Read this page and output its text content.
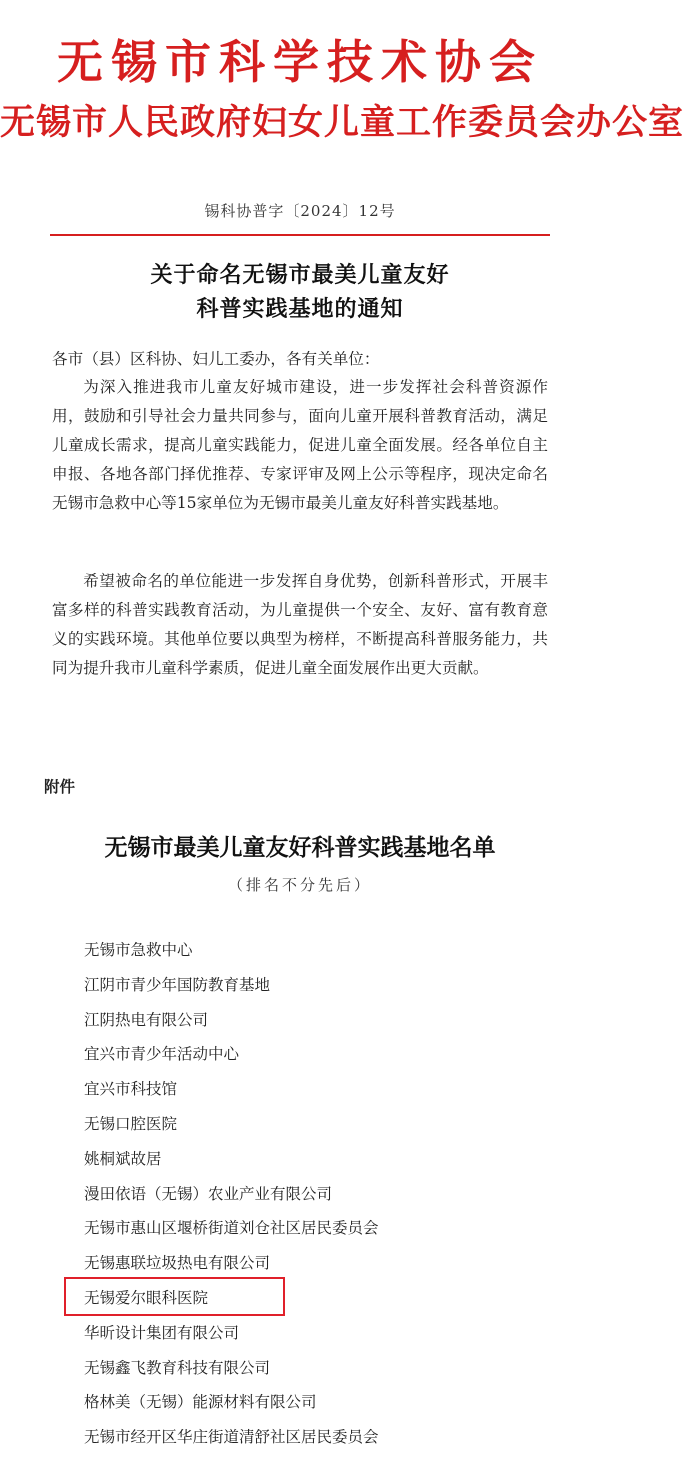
无锡市科学技术协会
无锡市人民政府妇女儿童工作委员会办公室
锡科协普字〔2024〕12号
关于命名无锡市最美儿童友好
科普实践基地的通知
各市（县）区科协、妇儿工委办，各有关单位：
为深入推进我市儿童友好城市建设，进一步发挥社会科普资源作用，鼓励和引导社会力量共同参与，面向儿童开展科普教育活动，满足儿童成长需求，提高儿童实践能力，促进儿童全面发展。经各单位自主申报、各地各部门择优推荐、专家评审及网上公示等程序，现决定命名无锡市急救中心等15家单位为无锡市最美儿童友好科普实践基地。
希望被命名的单位能进一步发挥自身优势，创新科普形式，开展丰富多样的科普实践教育活动，为儿童提供一个安全、友好、富有教育意义的实践环境。其他单位要以典型为榜样，不断提高科普服务能力，共同为提升我市儿童科学素质，促进儿童全面发展作出更大贡献。
附件
无锡市最美儿童友好科普实践基地名单
（排名不分先后）
无锡市急救中心
江阴市青少年国防教育基地
江阴热电有限公司
宜兴市青少年活动中心
宜兴市科技馆
无锡口腔医院
姚桐斌故居
漫田依语（无锡）农业产业有限公司
无锡市惠山区堰桥街道刘仓社区居民委员会
无锡惠联垃圾热电有限公司
无锡爱尔眼科医院
华昕设计集团有限公司
无锡鑫飞教育科技有限公司
格林美（无锡）能源材料有限公司
无锡市经开区华庄街道清舒社区居民委员会
